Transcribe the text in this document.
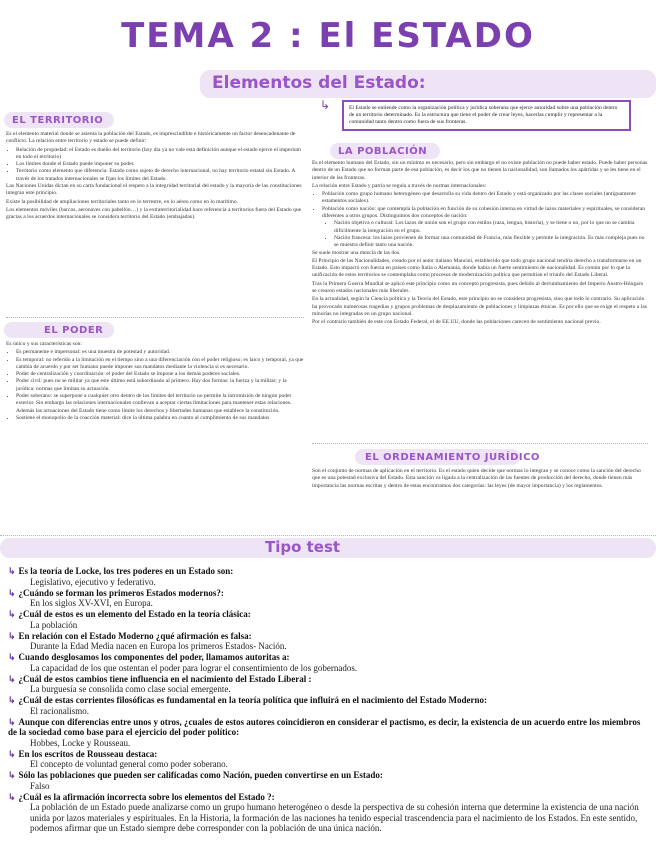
TEMA 2 : El ESTADO
Elementos del Estado:
↳	El Estado se entiende como la organización política y jurídica soberana que ejerce autoridad sobre una población dentro de un territorio determinado. Es la estructura que tiene el poder de crear leyes, hacerlas cumplir y representar a la comunidad tanto dentro como fuera de sus fronteras.
EL TERRITORIO

Es el elemento material donde se asienta la población del Estado, es imprescindible e históricamente un factor desencadenante de conflicto. La relación entre territorio y estado se puede definir:

• Relación de propiedad: el Estado es dueño del territorio (hoy día ya no vale esta definición aunque el estado ejerce el imperium en todo el territorio)
• Los límites donde el Estado puede imponer su poder.
• Territorio como elemento que diferencia: Estado como sujeto de derecho internacional, no hay territorio estatal sin Estado. A través de los tratados internacionales se fijan los límites del Estado.

Las Naciones Unidas dictan en su carta fundacional el respeto a la integridad territorial del estado y la mayoría de las constituciones integran este principio.

Existe la posibilidad de ampliaciones territoriales tanto en lo terrestre, en lo aéreo como en lo marítimo.

Los elementos móviles (barcos, aeronaves con pabellón…) y la extraterritorialidad hace referencia a territorios fuera del Estado que gracias a los acuerdos internacionales se considera territorio del Estado (embajadas).

EL PODER

Es único y sus características son:

• Es permanente e impersonal: es una muestra de potestad y autoridad.
• Es temporal: no referido a la limitación en el tiempo sino a una diferenciación con el poder religioso; es laico y temporal, ya que cambia de acuerdo y por ser humano puede imponer sus mandatos mediante la violencia si es necesario.
• Poder de centralización y coordinación: el poder del Estado se impone a los demás poderes sociales.
• Poder civil: pues no se militar ya que este último está subordinado al primero. Hay dos formas: la fuerza y la militar; y la jurídica: normas que limitan su actuación.
• Poder soberano: se superpone a cualquier otro dentro de los límites del territorio no permite la intromisión de ningún poder exterior. Sin embargo las relaciones internacionales conllevan a aceptar ciertas limitaciones para mantener estas relaciones. Además las actuaciones del Estado tiene como límite los derechos y libertades humanas que establece la constitución.
• Sostiene el monopolio de la coacción material: dice la última palabra en cuanto al cumplimiento de sus mandatos
LA POBLACIÓN

Es el elemento humano del Estado, sin un mínimo es necesario, pero sin embargo el no existe población no puede haber estado. Puede haber personas dentro de un Estado que no forman parte de esa población, es decir los que no tienen la nacionalidad, son llamados los apátridas y se les tiene en el interior de las fronteras.

La relación entre Estado y patria se regula a través de normas internacionales:

• Población como grupo humano heterogéneo que desarrolla su vida dentro del Estado y está organizado por las clases sociales (antiguamente estamentos sociales).
• Población como nación: que contempla la población en función de su cohesión interna en virtud de lazos materiales y espirituales, se consideran diferentes a otros grupos. Distinguimos dos conceptos de nación:
• Nación objetiva o cultural: Los lazos de unión son el grupo con estilos (raza, lengua, historia), y se tiene o no, por lo que no se cambia difícilmente la integración en el grupo.
• Nación francesa: los lazos provienen de formar una comunidad de Francia, más flexible y permite la integración. Es más compleja pues no se muestra definir tanto una nación.

Se suele mostrar una mezcla de las dos.

El Principio de las Nacionalidades, creado por el autor italiano Mancini, establecido que todo grupo nacional tendría derecho a transformarse en un Estado. Esto impactó con fuerza en países como Italia o Alemania, donde había un fuerte sentimiento de nacionalidad. Es común por lo que la unificación de estos territorios se contemplaba como procesos de modernización política que permitían el triunfo del Estado Liberal.

Tras la Primera Guerra Mundial se aplicó este principio como un concepto progresista, pues debido al derrumbamiento del Imperio Austro-Húngaro se crearon estados nacionales más liberales.

En la actualidad, según la Ciencia política y la Teoría del Estado, este principio no se considera progresista, sino que todo lo contrario. Su aplicación ha provocado numerosas tragedias y grupos problemas de desplazamiento de poblaciones y limpiezas étnicas. Es por ello que se exige el respeto a las minorías no integradas en un grupo nacional.

Por el contrario también de este con Estado Federal, el de EE.UU, donde las poblaciones carecen de sentimiento nacional previo.

EL ORDENAMIENTO JURÍDICO
Son el conjunto de normas de aplicación en el territorio. Es el estado quien decide que normas lo integran y se conoce como la sanción del derecho que es una potestad exclusiva del Estado. Esta sanción va ligada a la centralización de las fuentes de producción del derecho, donde tienen más importancia las normas escritas y dentro de estas encontramos dos categorías: las leyes (de mayor importancia) y los reglamentos.
Tipo test
↳ Es la teoría de Locke, los tres poderes en un Estado son:
Legislativo, ejecutivo y federativo.
↳ ¿Cuándo se forman los primeros Estados modernos?:
En los siglos XV-XVI, en Europa.
↳ ¿Cuál de estos es un elemento del Estado en la teoría clásica:
La población
↳ En relación con el Estado Moderno ¿qué afirmación es falsa:
Durante la Edad Media nacen en Europa los primeros Estados- Nación.
↳ Cuando desglosamos los componentes del poder, llamamos autoritas a:
La capacidad de los que ostentan el poder para lograr el consentimiento de los gobernados.
↳ ¿Cuál de estos cambios tiene influencia en el nacimiento del Estado Liberal :
La burguesía se consolida como clase social emergente.
↳ ¿Cuál de estas corrientes filosóficas es fundamental en la teoría política que influirá en el nacimiento del Estado Moderno:
El racionalismo.
↳ Aunque con diferencias entre unos y otros, ¿cuales de estos autores coincidieron en considerar el pactismo, es decir, la existencia de un acuerdo entre los miembros de la sociedad como base para el ejercicio del poder político:
Hobbes, Locke y Rousseau.
↳ En los escritos de Rousseau destaca:
El concepto de voluntad general como poder soberano.
↳ Sólo las poblaciones que pueden ser calificadas como Nación, pueden convertirse en un Estado:
Falso
↳ ¿Cuál es la afirmación incorrecta sobre los elementos del Estado ?:
La población de un Estado puede analizarse como un grupo humano heterogéneo o desde la perspectiva de su cohesión interna que determine la existencia de una nación unida por lazos materiales y espirituales. En la Historia, la formación de las naciones ha tenido especial trascendencia para el nacimiento de los Estados. En este sentido, podemos afirmar que un Estado siempre debe corresponder con la población de una única nación.
